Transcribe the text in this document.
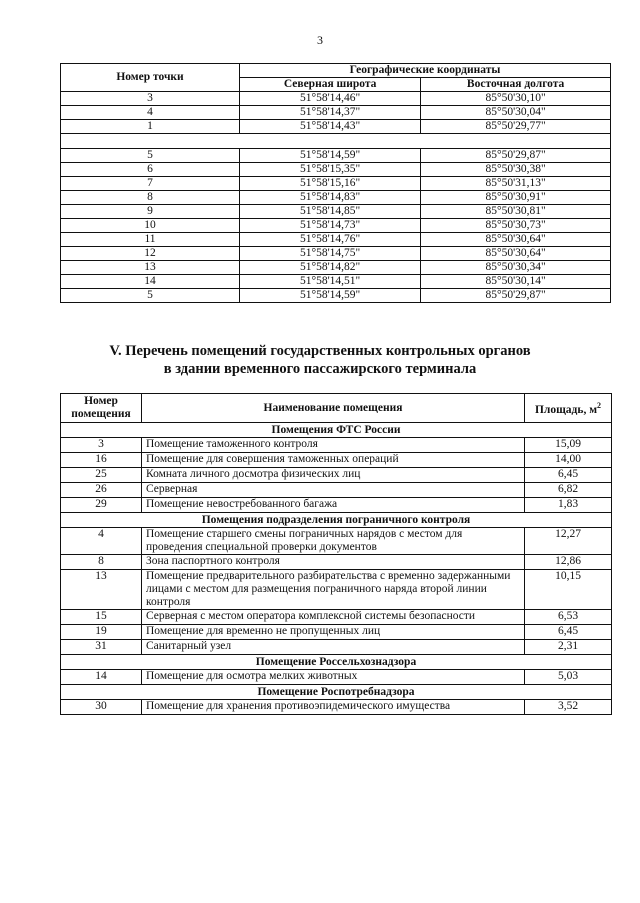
3
Номер точки	Географические координаты	
	Северная широта	Восточная долгота
3	51°58'14,46"	85°50'30,10"
4	51°58'14,37"	85°50'30,04"
1	51°58'14,43"	85°50'29,77"

5	51°58'14,59"	85°50'29,87"
6	51°58'15,35"	85°50'30,38"
7	51°58'15,16"	85°50'31,13"
8	51°58'14,83"	85°50'30,91"
9	51°58'14,85"	85°50'30,81"
10	51°58'14,73"	85°50'30,73"
11	51°58'14,76"	85°50'30,64"
12	51°58'14,75"	85°50'30,64"
13	51°58'14,82"	85°50'30,34"
14	51°58'14,51"	85°50'30,14"
5	51°58'14,59"	85°50'29,87"
V. Перечень помещений государственных контрольных органов
в здании временного пассажирского терминала
Номер помещения	Наименование помещения	Площадь, $м^2$
Помещения ФТС России		
3	Помещение таможенного контроля	15,09
16	Помещение для совершения таможенных операций	14,00
25	Комната личного досмотра физических лиц	6,45
26	Серверная	6,82
29	Помещение невостребованного багажа	1,83
Помещения подразделения пограничного контроля		
4	Помещение старшего смены пограничных нарядов с местом для проведения специальной проверки документов	12,27
8	Зона паспортного контроля	12,86
13	Помещение предварительного разбирательства с временно задержанными лицами с местом для размещения пограничного наряда второй линии контроля	10,15
15	Серверная с местом оператора комплексной системы безопасности	6,53
19	Помещение для временно не пропущенных лиц	6,45
31	Санитарный узел	2,31
Помещение Россельхознадзора		
14	Помещение для осмотра мелких животных	5,03
Помещение Роспотребнадзора		
30	Помещение для хранения противоэпидемического имущества	3,52
